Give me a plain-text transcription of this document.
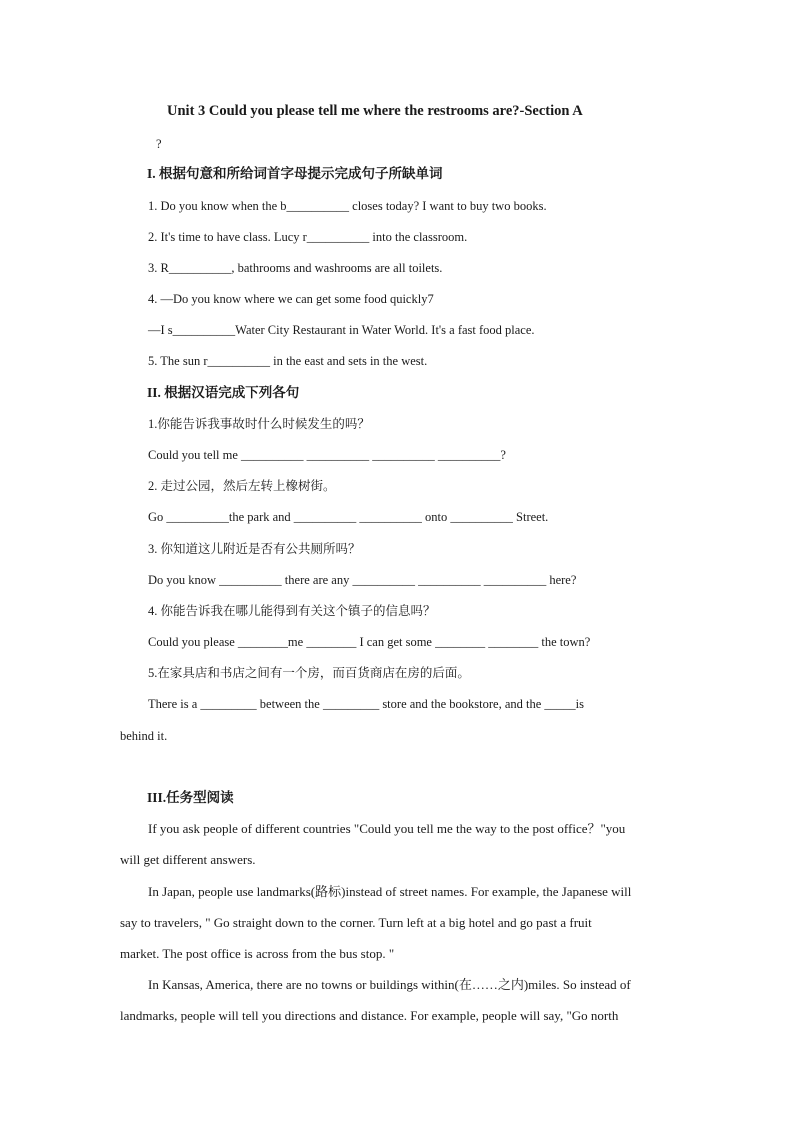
Unit 3 Could you please tell me where the restrooms are?-Section A
?
I. 根据句意和所给词首字母提示完成句子所缺单词
1. Do you know when the b__________ closes today? I want to buy two books.
2. It's time to have class. Lucy r__________ into the classroom.
3. R__________, bathrooms and washrooms are all toilets.
4. —Do you know where we can get some food quickly7
—I s__________Water City Restaurant in Water World. It's a fast food place.
5. The sun r__________ in the east and sets in the west.
II. 根据汉语完成下列各句
1.你能告诉我事故时什么时候发生的吗？
Could you tell me __________ __________ __________ __________?
2. 走过公园，然后左转上橡树街。
Go __________the park and __________ __________ onto __________ Street.
3. 你知道这儿附近是否有公共厕所吗？
Do you know __________ there are any __________ __________ __________ here?
4. 你能告诉我在哪儿能得到有关这个镇子的信息吗？
Could you please ________me ________ I can get some ________ ________ the town?
5.在家具店和书店之间有一个房，而百货商店在房的后面。
There is a _________ between the _________ store and the bookstore, and the _____is
behind it.
III.任务型阅读
If you ask people of different countries "Could you tell me the way to the post office？"you
will get different answers.
In Japan, people use landmarks(路标)instead of street names. For example, the Japanese will
say to travelers, " Go straight down to the corner. Turn left at a big hotel and go past a fruit
market. The post office is across from the bus stop. "
In Kansas, America, there are no towns or buildings within(在……之内)miles. So instead of
landmarks, people will tell you directions and distance. For example, people will say, "Go north
